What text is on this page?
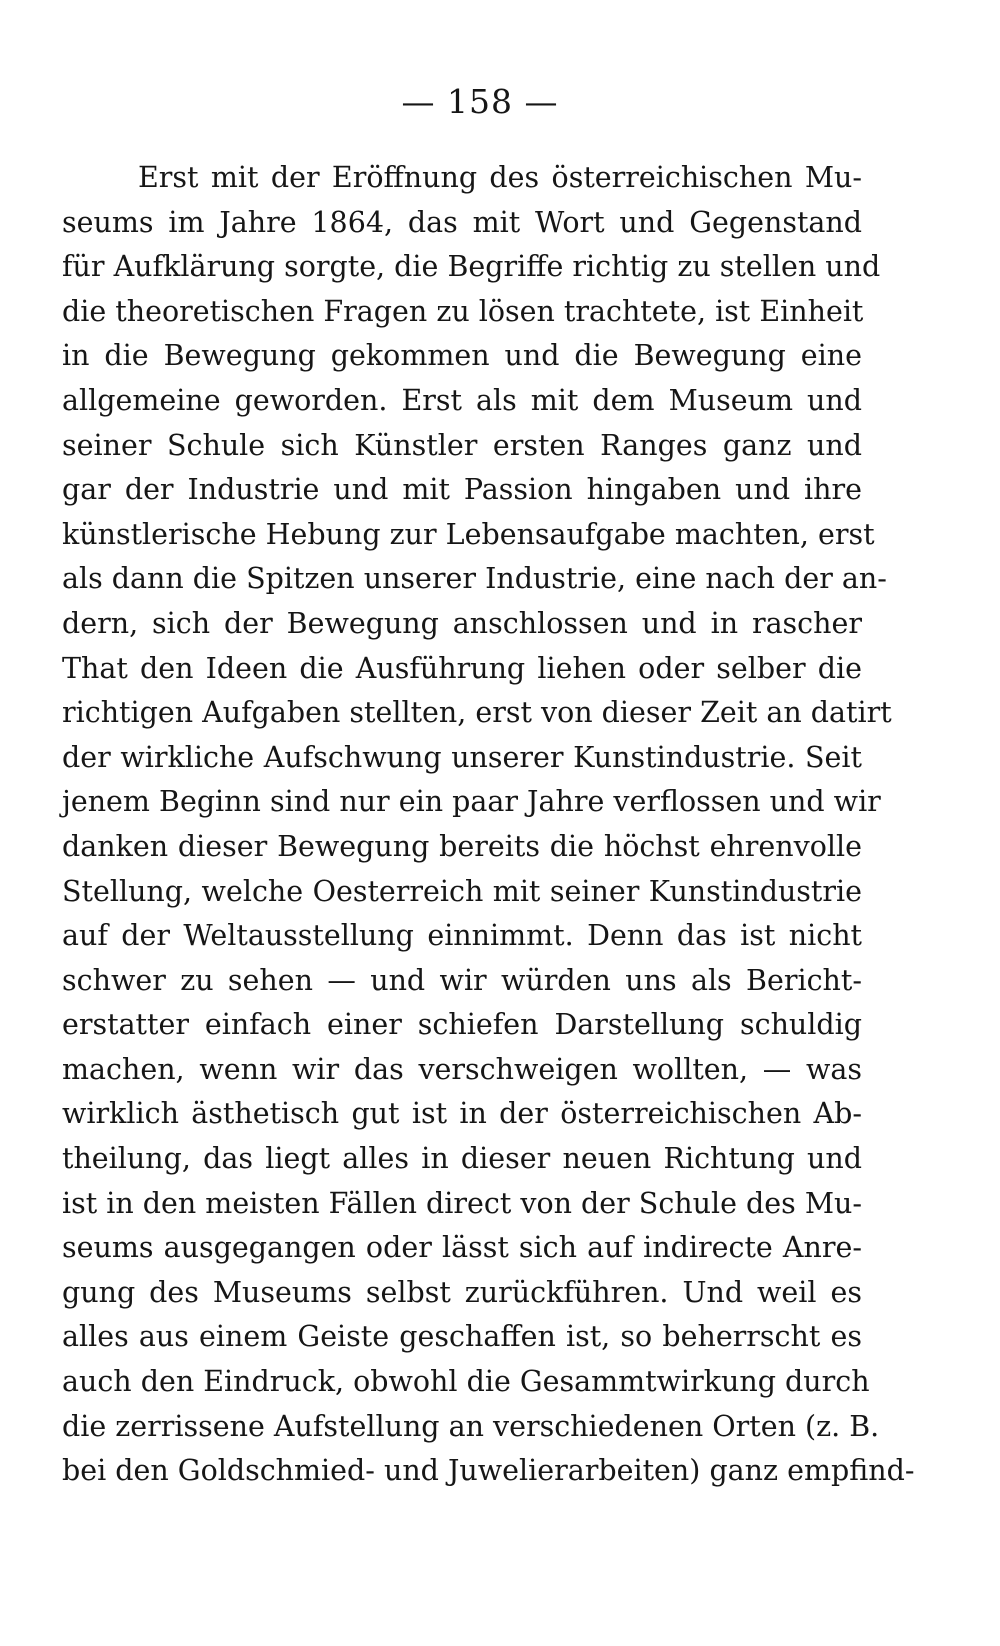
— 158 —
Erst mit der Eröffnung des österreichischen Mu-
seums im Jahre 1864, das mit Wort und Gegenstand
für Aufklärung sorgte, die Begriffe richtig zu stellen und
die theoretischen Fragen zu lösen trachtete, ist Einheit
in die Bewegung gekommen und die Bewegung eine
allgemeine geworden. Erst als mit dem Museum und
seiner Schule sich Künstler ersten Ranges ganz und
gar der Industrie und mit Passion hingaben und ihre
künstlerische Hebung zur Lebensaufgabe machten, erst
als dann die Spitzen unserer Industrie, eine nach der an-
dern, sich der Bewegung anschlossen und in rascher
That den Ideen die Ausführung liehen oder selber die
richtigen Aufgaben stellten, erst von dieser Zeit an datirt
der wirkliche Aufschwung unserer Kunstindustrie. Seit
jenem Beginn sind nur ein paar Jahre verflossen und wir
danken dieser Bewegung bereits die höchst ehrenvolle
Stellung, welche Oesterreich mit seiner Kunstindustrie
auf der Weltausstellung einnimmt. Denn das ist nicht
schwer zu sehen — und wir würden uns als Bericht-
erstatter einfach einer schiefen Darstellung schuldig
machen, wenn wir das verschweigen wollten, — was
wirklich ästhetisch gut ist in der österreichischen Ab-
theilung, das liegt alles in dieser neuen Richtung und
ist in den meisten Fällen direct von der Schule des Mu-
seums ausgegangen oder lässt sich auf indirecte Anre-
gung des Museums selbst zurückführen. Und weil es
alles aus einem Geiste geschaffen ist, so beherrscht es
auch den Eindruck, obwohl die Gesammtwirkung durch
die zerrissene Aufstellung an verschiedenen Orten (z. B.
bei den Goldschmied- und Juwelierarbeiten) ganz empfind-
